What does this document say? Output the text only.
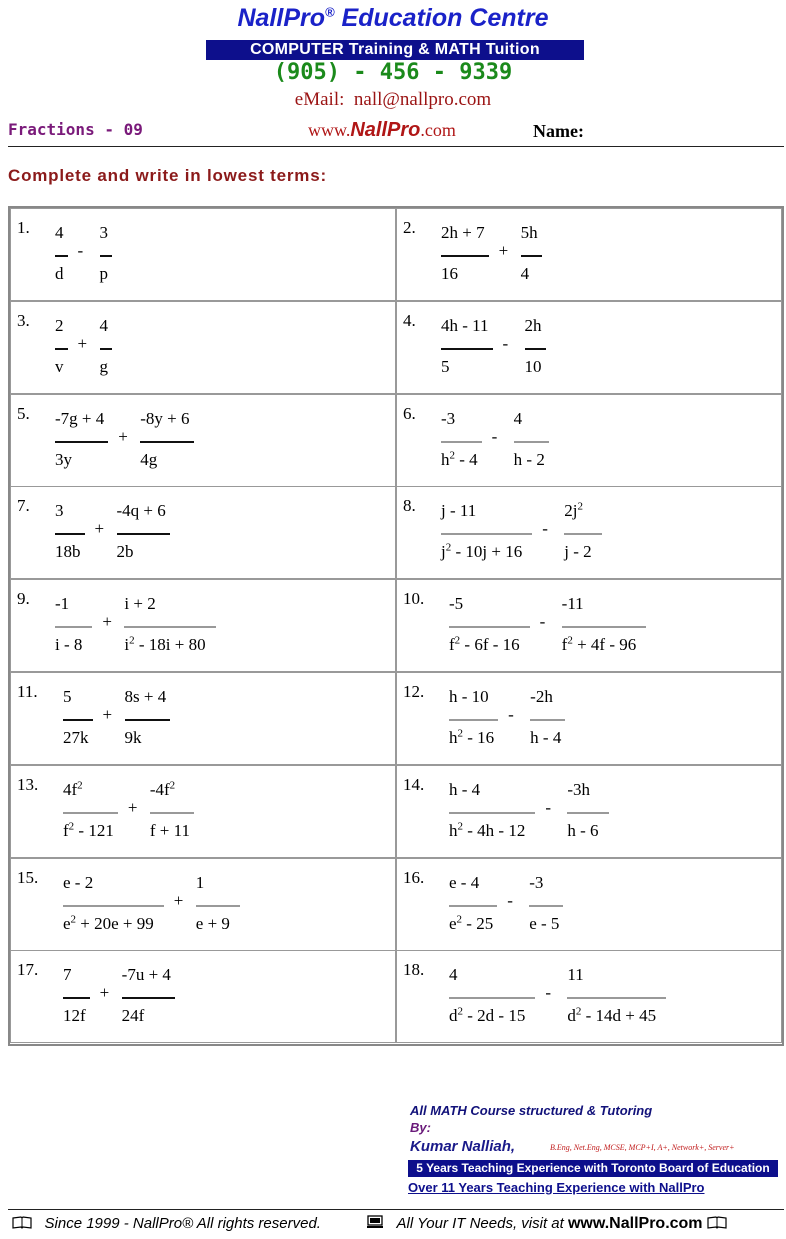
NallPro® Education Centre
COMPUTER Training & MATH Tuition
(905) - 456 - 9339
eMail: nall@nallpro.com
Fractions - 09	www.NallPro.com	Name:
Complete and write in lowest terms:
1. 4
d
-
3
p
2. 2h + 7
16
+
5h
4
3. 2
v
+
4
g
4. 4h - 11
5
-
2h
10
5. -7g + 4
3y
+
-8y + 6
4g
6. -3
$h^2 - 4$
-
4
h - 2
7. 3
18b
+
-4q + 6
2b
8. j - 11
$j^2 - 10j + 16$
-
$2j^2$
j - 2
9. -1
i - 8
+
i + 2
$i^2 - 18i + 80$
10. -5
$f^2 - 6f - 16$
-
-11
$f^2 + 4f - 96$
11. 5
27k
+
8s + 4
9k
12. h - 10
$h^2 - 16$
-
-2h
h - 4
13. $4f^2$
$f^2 - 121$
+
$-4f^2$
f + 11
14. h - 4
$h^2 - 4h - 12$
-
-3h
h - 6
15. e - 2
$e^2 + 20e + 99$
+
1
e + 9
16. e - 4
$e^2 - 25$
-
-3
e - 5
17. 7
12f
+
-7u + 4
24f
18. 4
$d^2 - 2d - 15$
-
11
$d^2 - 14d + 45$
All MATH Course structured & Tutoring
By:
Kumar Nalliah,	B.Eng, Net.Eng, MCSE, MCP+I, A+, Network+, Server+
5 Years Teaching Experience with Toronto Board of Education
Over 11 Years Teaching Experience with NallPro
Since 1999 - NallPro® All rights reserved.	All Your IT Needs, visit at www.NallPro.com
